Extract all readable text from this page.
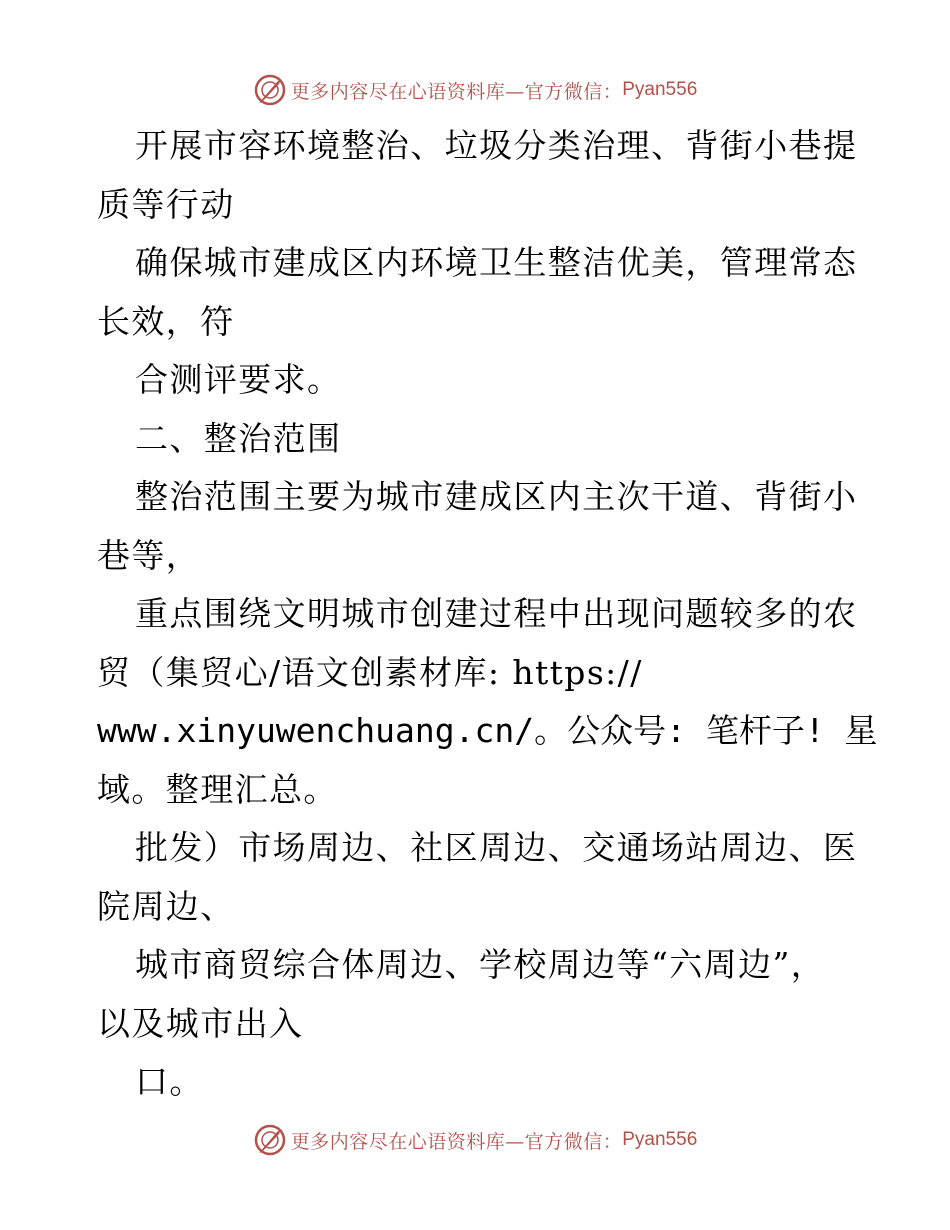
更多内容尽在心语资料库—官方微信： Pyan556
开展市容环境整治、垃圾分类治理、背街小巷提
质等行动
确保城市建成区内环境卫生整洁优美，管理常态
长效，符
合测评要求。
二、整治范围
整治范围主要为城市建成区内主次干道、背街小
巷等，
重点围绕文明城市创建过程中出现问题较多的农
贸（集贸心/语文创素材库: https://
www.xinyuwenchuang.cn/。公众号: 笔杆子! 星
域。整理汇总。
批发）市场周边、社区周边、交通场站周边、医
院周边、
城市商贸综合体周边、学校周边等“六周边”，
以及城市出入
口。
更多内容尽在心语资料库—官方微信： Pyan556
